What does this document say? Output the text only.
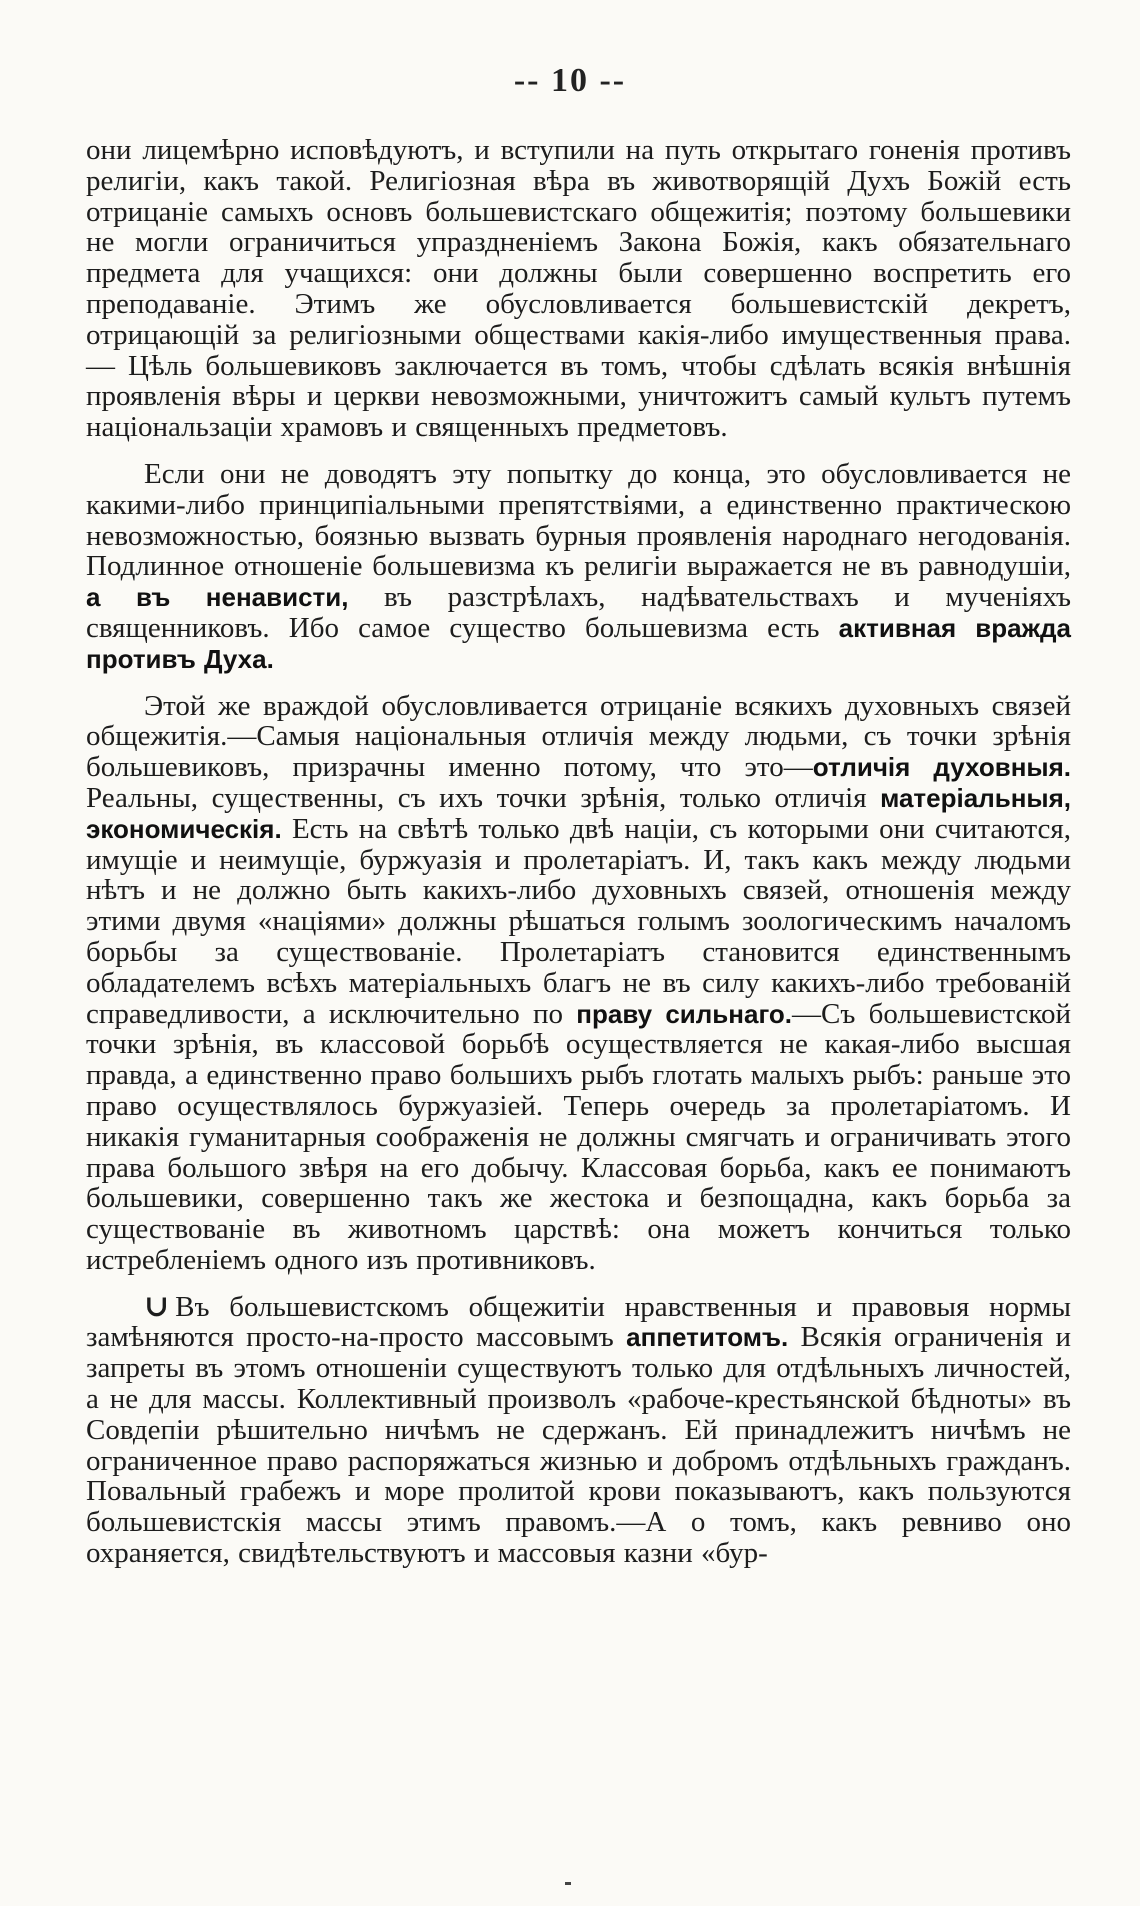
-- 10 --

они лицемѣрно исповѣдуютъ, и вступили на путь открытаго гоненія противъ религіи, какъ такой. Религіозная вѣра въ животворящій Духъ Божій есть отрицаніе самыхъ основъ большевистскаго общежитія; поэтому большевики не могли ограничиться упраздненіемъ Закона Божія, какъ обязательнаго предмета для учащихся: они должны были совершенно воспретить его преподаваніе. Этимъ же обусловливается большевистскій декретъ, отрицающій за религіозными обществами какія-либо имущественныя права. — Цѣль большевиковъ заключается въ томъ, чтобы сдѣлать всякія внѣшнія проявленія вѣры и церкви невозможными, уничтожитъ самый культъ путемъ національзаціи храмовъ и священныхъ предметовъ.

Если они не доводятъ эту попытку до конца, это обусловливается не какими-либо принципіальными препятствіями, а единственно практическою невозможностью, боязнью вызвать бурныя проявленія народнаго негодованія. Подлинное отношеніе большевизма къ религіи выражается не въ равнодушіи, а въ ненависти, въ разстрѣлахъ, надѣвательствахъ и мученіяхъ священниковъ. Ибо самое существо большевизма есть активная вражда противъ Духа.

Этой же враждой обусловливается отрицаніе всякихъ духовныхъ связей общежитія.—Самыя національныя отличія между людьми, съ точки зрѣнія большевиковъ, призрачны именно потому, что это—отличія духовныя. Реальны, существенны, съ ихъ точки зрѣнія, только отличія матеріальныя, экономическія. Есть на свѣтѣ только двѣ націи, съ которыми они считаются, имущіе и неимущіе, буржуазія и пролетаріатъ. И, такъ какъ между людьми нѣтъ и не должно быть какихъ-либо духовныхъ связей, отношенія между этими двумя «націями» должны рѣшаться голымъ зоологическимъ началомъ борьбы за существованіе. Пролетаріатъ становится единственнымъ обладателемъ всѣхъ матеріальныхъ благъ не въ силу какихъ-либо требованій справедливости, а исключительно по праву сильнаго.—Съ большевистской точки зрѣнія, въ классовой борьбѣ осуществляется не какая-либо высшая правда, а единственно право большихъ рыбъ глотать малыхъ рыбъ: раньше это право осуществлялось буржуазіей. Теперь очередь за пролетаріатомъ. И никакія гуманитарныя соображенія не должны смягчать и ограничивать этого права большого звѣря на его добычу. Классовая борьба, какъ ее понимаютъ большевики, совершенно такъ же жестока и безпощадна, какъ борьба за существованіе въ животномъ царствѣ: она можетъ кончиться только истребленіемъ одного изъ противниковъ.

∪ Въ большевистскомъ общежитіи нравственныя и правовыя нормы замѣняются просто-на-просто массовымъ аппетитомъ. Всякія ограниченія и запреты въ этомъ отношеніи существуютъ только для отдѣльныхъ личностей, а не для массы. Коллективный произволъ «рабоче-крестьянской бѣдноты» въ Совдепіи рѣшительно ничѣмъ не сдержанъ. Ей принадлежитъ ничѣмъ не ограниченное право распоряжаться жизнью и добромъ отдѣльныхъ гражданъ. Повальный грабежъ и море пролитой крови показываютъ, какъ пользуются большевистскія массы этимъ правомъ.—А о томъ, какъ ревниво оно охраняется, свидѣтельствуютъ и массовыя казни «бур-
